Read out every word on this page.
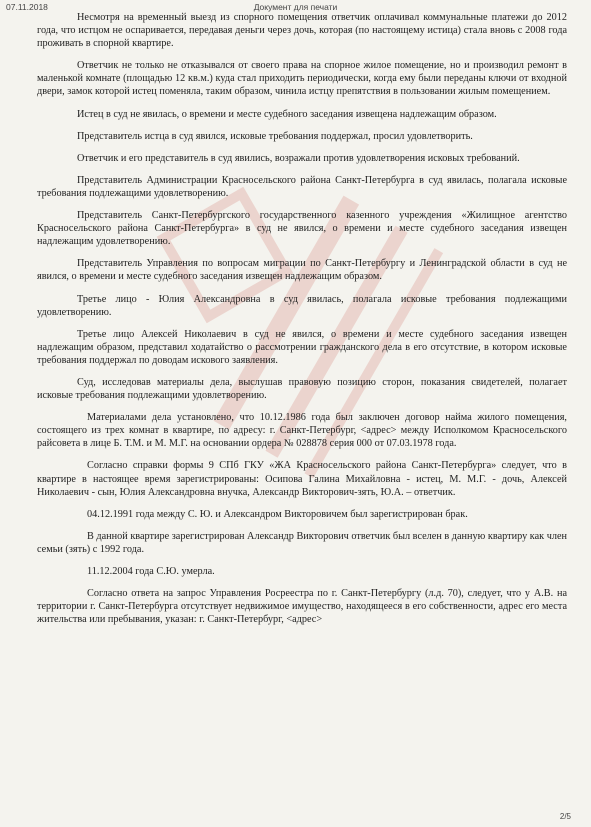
07.11.2018	Документ для печати

Несмотря на временный выезд из спорного помещения ответчик оплачивал коммунальные платежи до 2012 года, что истцом не оспаривается, передавая деньги через дочь, которая (по настоящему истица) стала вновь с 2008 года проживать в спорной квартире.

Ответчик не только не отказывался от своего права на спорное жилое помещение, но и производил ремонт в маленькой комнате (площадью 12 кв.м.) куда стал приходить периодически, когда ему были переданы ключи от входной двери, замок которой истец поменяла, таким образом, чинила истцу препятствия в пользовании жилым помещением.

Истец в суд не явилась, о времени и месте судебного заседания извещена надлежащим образом.

Представитель истца в суд явился, исковые требования поддержал, просил удовлетворить.

Ответчик и его представитель в суд явились, возражали против удовлетворения исковых требований.

Представитель Администрации Красносельского района Санкт-Петербурга в суд явилась, полагала исковые требования подлежащими удовлетворению.

Представитель Санкт-Петербургского государственного казенного учреждения «Жилищное агентство Красносельского района Санкт-Петербурга» в суд не явился, о времени и месте судебного заседания извещен надлежащим удовлетворению.

Представитель Управления по вопросам миграции по Санкт-Петербургу и Ленинградской области в суд не явился, о времени и месте судебного заседания извещен надлежащим образом.

Третье лицо - Юлия Александровна в суд явилась, полагала исковые требования подлежащими удовлетворению.

Третье лицо Алексей Николаевич в суд не явился, о времени и месте судебного заседания извещен надлежащим образом, представил ходатайство о рассмотрении гражданского дела в его отсутствие, в котором исковые требования поддержал по доводам искового заявления.

Суд, исследовав материалы дела, выслушав правовую позицию сторон, показания свидетелей, полагает исковые требования подлежащими удовлетворению.

Материалами дела установлено, что 10.12.1986 года был заключен договор найма жилого помещения, состоящего из трех комнат в квартире, по адресу: г. Санкт-Петербург, <адрес> между Исполкомом Красносельского райсовета в лице Б. Т.М. и М. М.Г. на основании ордера № 028878 серия 000 от 07.03.1978 года.

Согласно справки формы 9 СПб ГКУ «ЖА Красносельского района Санкт-Петербурга» следует, что в квартире в настоящее время зарегистрированы: Осипова Галина Михайловна - истец, М. М.Г. - дочь, Алексей Николаевич - сын, Юлия Александровна внучка, Александр Викторович-зять, Ю.А. – ответчик.

04.12.1991 года между С. Ю. и Александром Викторовичем был зарегистрирован брак.

В данной квартире зарегистрирован Александр Викторович ответчик был вселен в данную квартиру как член семьи (зять) с 1992 года.

11.12.2004 года С.Ю. умерла.

Согласно ответа на запрос Управления Росреестра по г. Санкт-Петербургу (л.д. 70), следует, что у А.В. на территории г. Санкт-Петербурга отсутствует недвижимое имущество, находящееся в его собственности, адрес его места жительства или пребывания, указан: г. Санкт-Петербург, <адрес>

2/5
